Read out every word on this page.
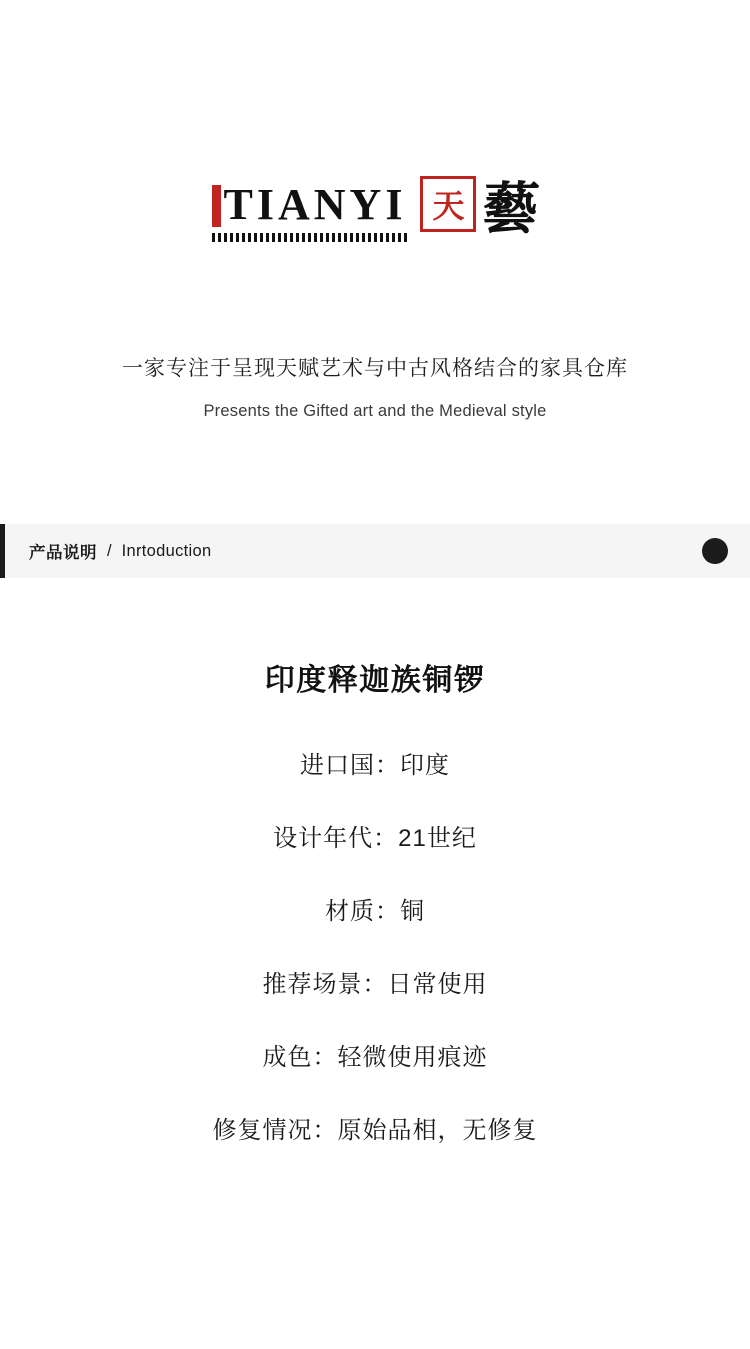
TIANYI 天 藝
一家专注于呈现天赋艺术与中古风格结合的家具仓库
Presents the Gifted art and the Medieval style
产品说明 / Inrtoduction
印度释迦族铜锣
进口国：印度
设计年代：21世纪
材质：铜
推荐场景：日常使用
成色：轻微使用痕迹
修复情况：原始品相，无修复
